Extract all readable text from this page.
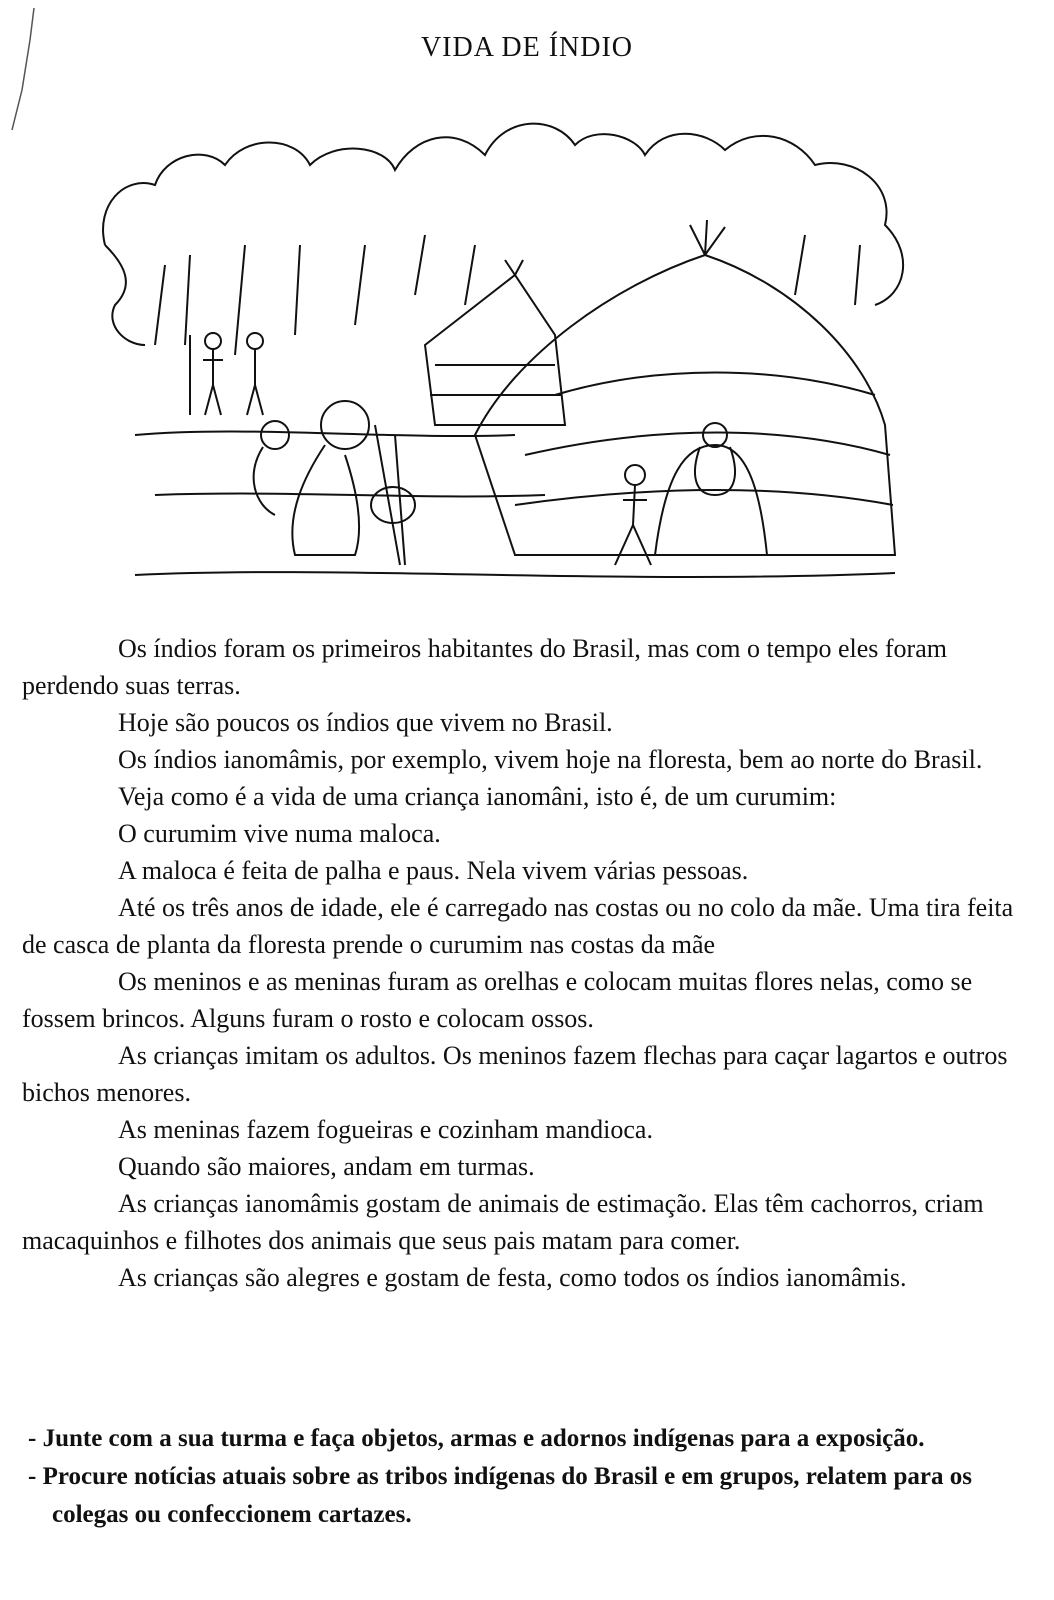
VIDA DE ÍNDIO

Os índios foram os primeiros habitantes do Brasil, mas com o tempo eles foram perdendo suas terras.

Hoje são poucos os índios que vivem no Brasil.

Os índios ianomâmis, por exemplo, vivem hoje na floresta, bem ao norte do Brasil.

Veja como é a vida de uma criança ianomâni, isto é, de um curumim:

O curumim vive numa maloca.

A maloca é feita de palha e paus. Nela vivem várias pessoas.

Até os três anos de idade, ele é carregado nas costas ou no colo da mãe. Uma tira feita de casca de planta da floresta prende o curumim nas costas da mãe

Os meninos e as meninas furam as orelhas e colocam muitas flores nelas, como se fossem brincos. Alguns furam o rosto e colocam ossos.

As crianças imitam os adultos. Os meninos fazem flechas para caçar lagartos e outros bichos menores.

As meninas fazem fogueiras e cozinham mandioca.

Quando são maiores, andam em turmas.

As crianças ianomâmis gostam de animais de estimação. Elas têm cachorros, criam macaquinhos e filhotes dos animais que seus pais matam para comer.

As crianças são alegres e gostam de festa, como todos os índios ianomâmis.

- Junte com a sua turma e faça objetos, armas e adornos indígenas para a exposição.

- Procure notícias atuais sobre as tribos indígenas do Brasil e em grupos, relatem para os colegas ou confeccionem cartazes.
